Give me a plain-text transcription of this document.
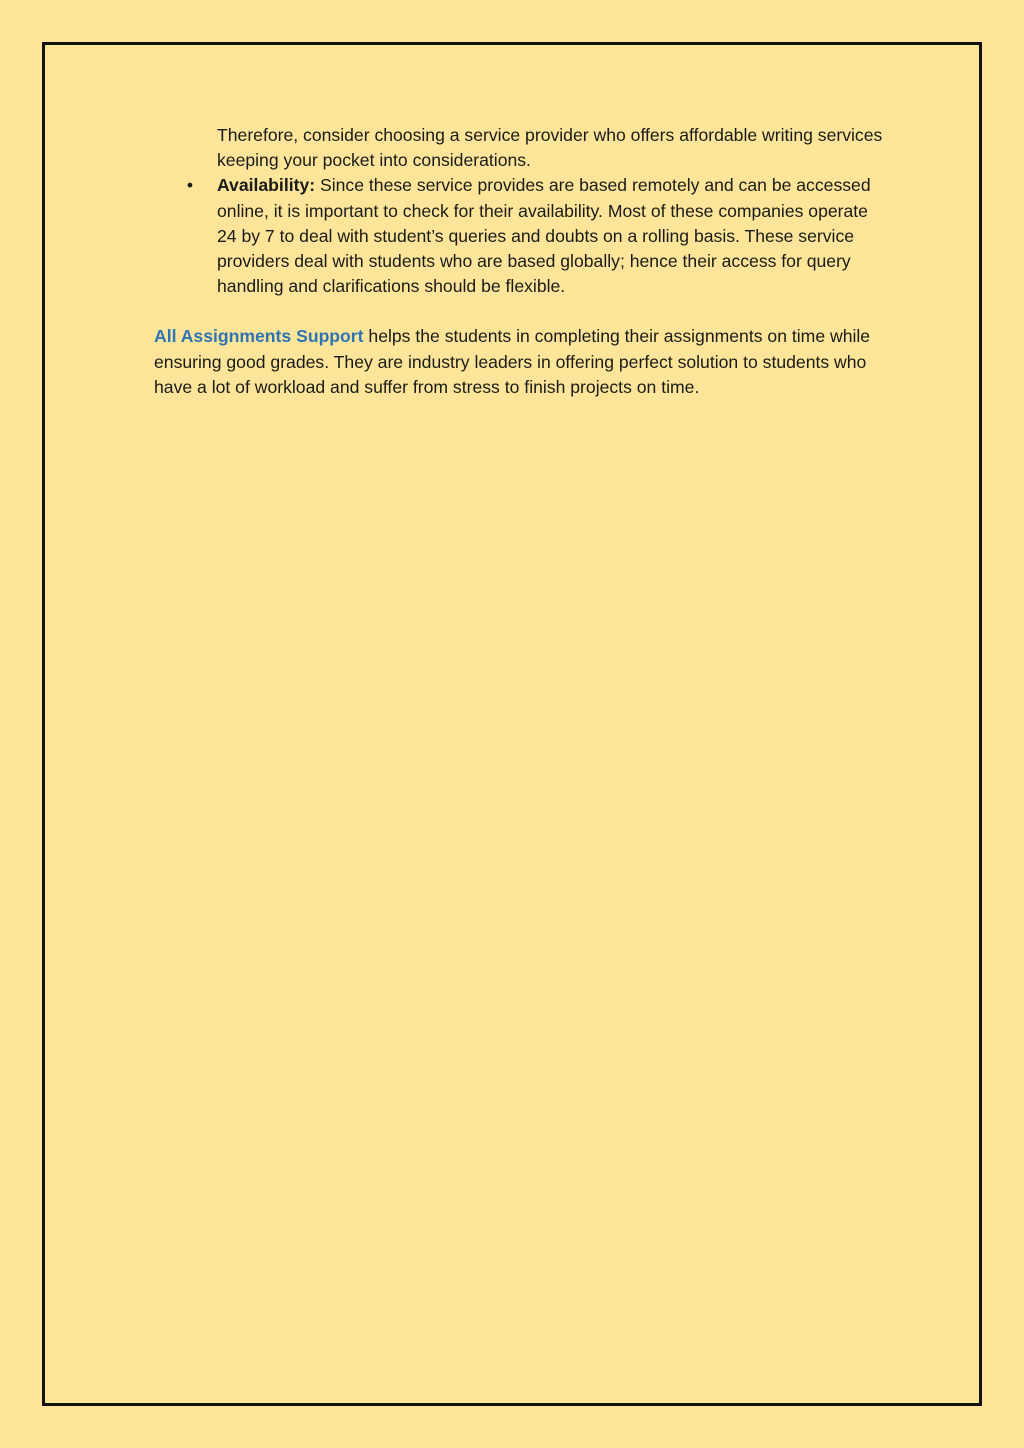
Therefore, consider choosing a service provider who offers affordable writing services keeping your pocket into considerations.

• Availability: Since these service provides are based remotely and can be accessed online, it is important to check for their availability. Most of these companies operate 24 by 7 to deal with student’s queries and doubts on a rolling basis. These service providers deal with students who are based globally; hence their access for query handling and clarifications should be flexible.

All Assignments Support helps the students in completing their assignments on time while ensuring good grades. They are industry leaders in offering perfect solution to students who have a lot of workload and suffer from stress to finish projects on time.
